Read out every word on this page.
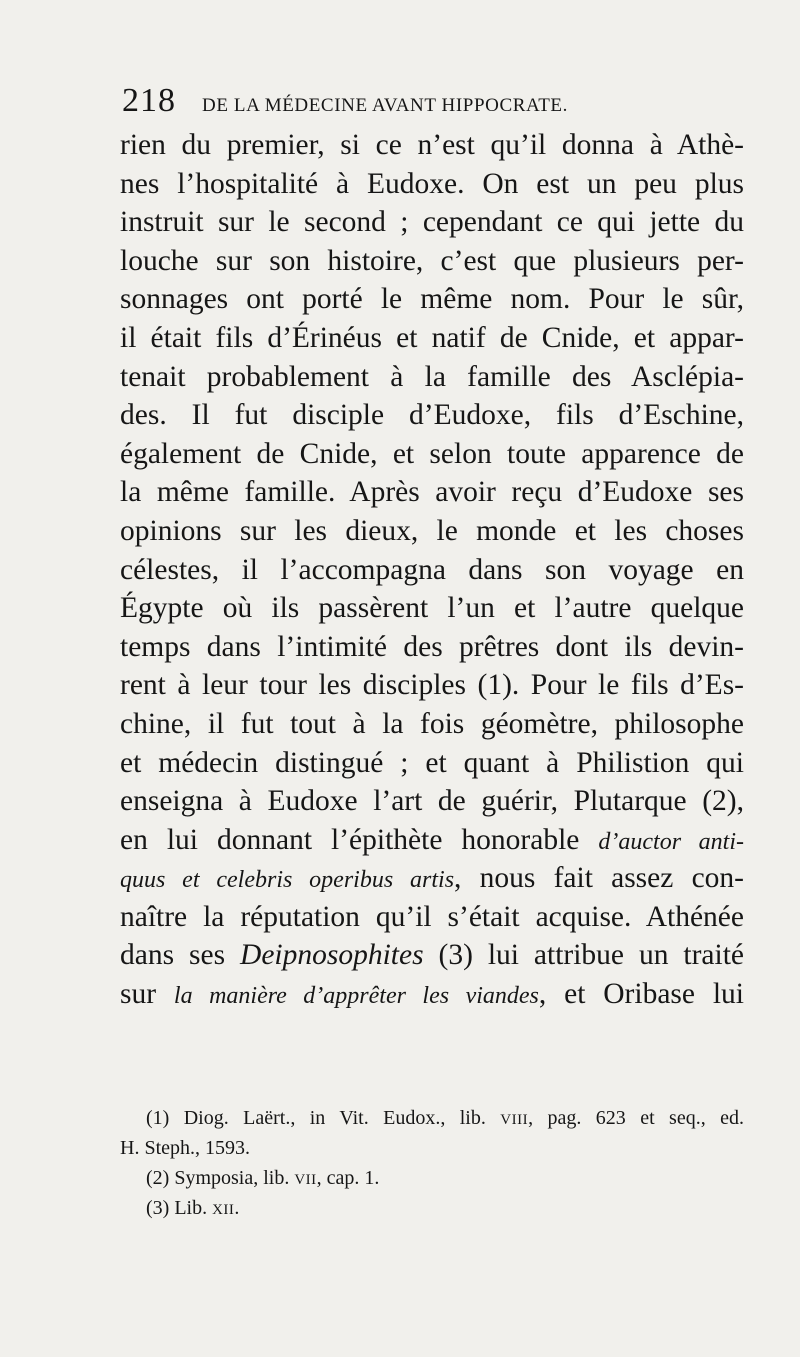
218 DE LA MÉDECINE AVANT HIPPOCRATE.
rien du premier, si ce n’est qu’il donna à Athè-
nes l’hospitalité à Eudoxe. On est un peu plus
instruit sur le second ; cependant ce qui jette du
louche sur son histoire, c’est que plusieurs per-
sonnages ont porté le même nom. Pour le sûr,
il était fils d’Érinéus et natif de Cnide, et appar-
tenait probablement à la famille des Asclépia-
des. Il fut disciple d’Eudoxe, fils d’Eschine,
également de Cnide, et selon toute apparence de
la même famille. Après avoir reçu d’Eudoxe ses
opinions sur les dieux, le monde et les choses
célestes, il l’accompagna dans son voyage en
Égypte où ils passèrent l’un et l’autre quelque
temps dans l’intimité des prêtres dont ils devin-
rent à leur tour les disciples (1). Pour le fils d’Es-
chine, il fut tout à la fois géomètre, philosophe
et médecin distingué ; et quant à Philistion qui
enseigna à Eudoxe l’art de guérir, Plutarque (2),
en lui donnant l’épithète honorable d’auctor anti-
quus et celebris operibus artis, nous fait assez con-
naître la réputation qu’il s’était acquise. Athénée
dans ses Deipnosophites (3) lui attribue un traité
sur la manière d’apprêter les viandes, et Oribase lui
(1) Diog. Laërt., in Vit. Eudox., lib. VIII, pag. 623 et seq., ed.
H. Steph., 1593.
(2) Symposia, lib. VII, cap. 1.
(3) Lib. XII.
